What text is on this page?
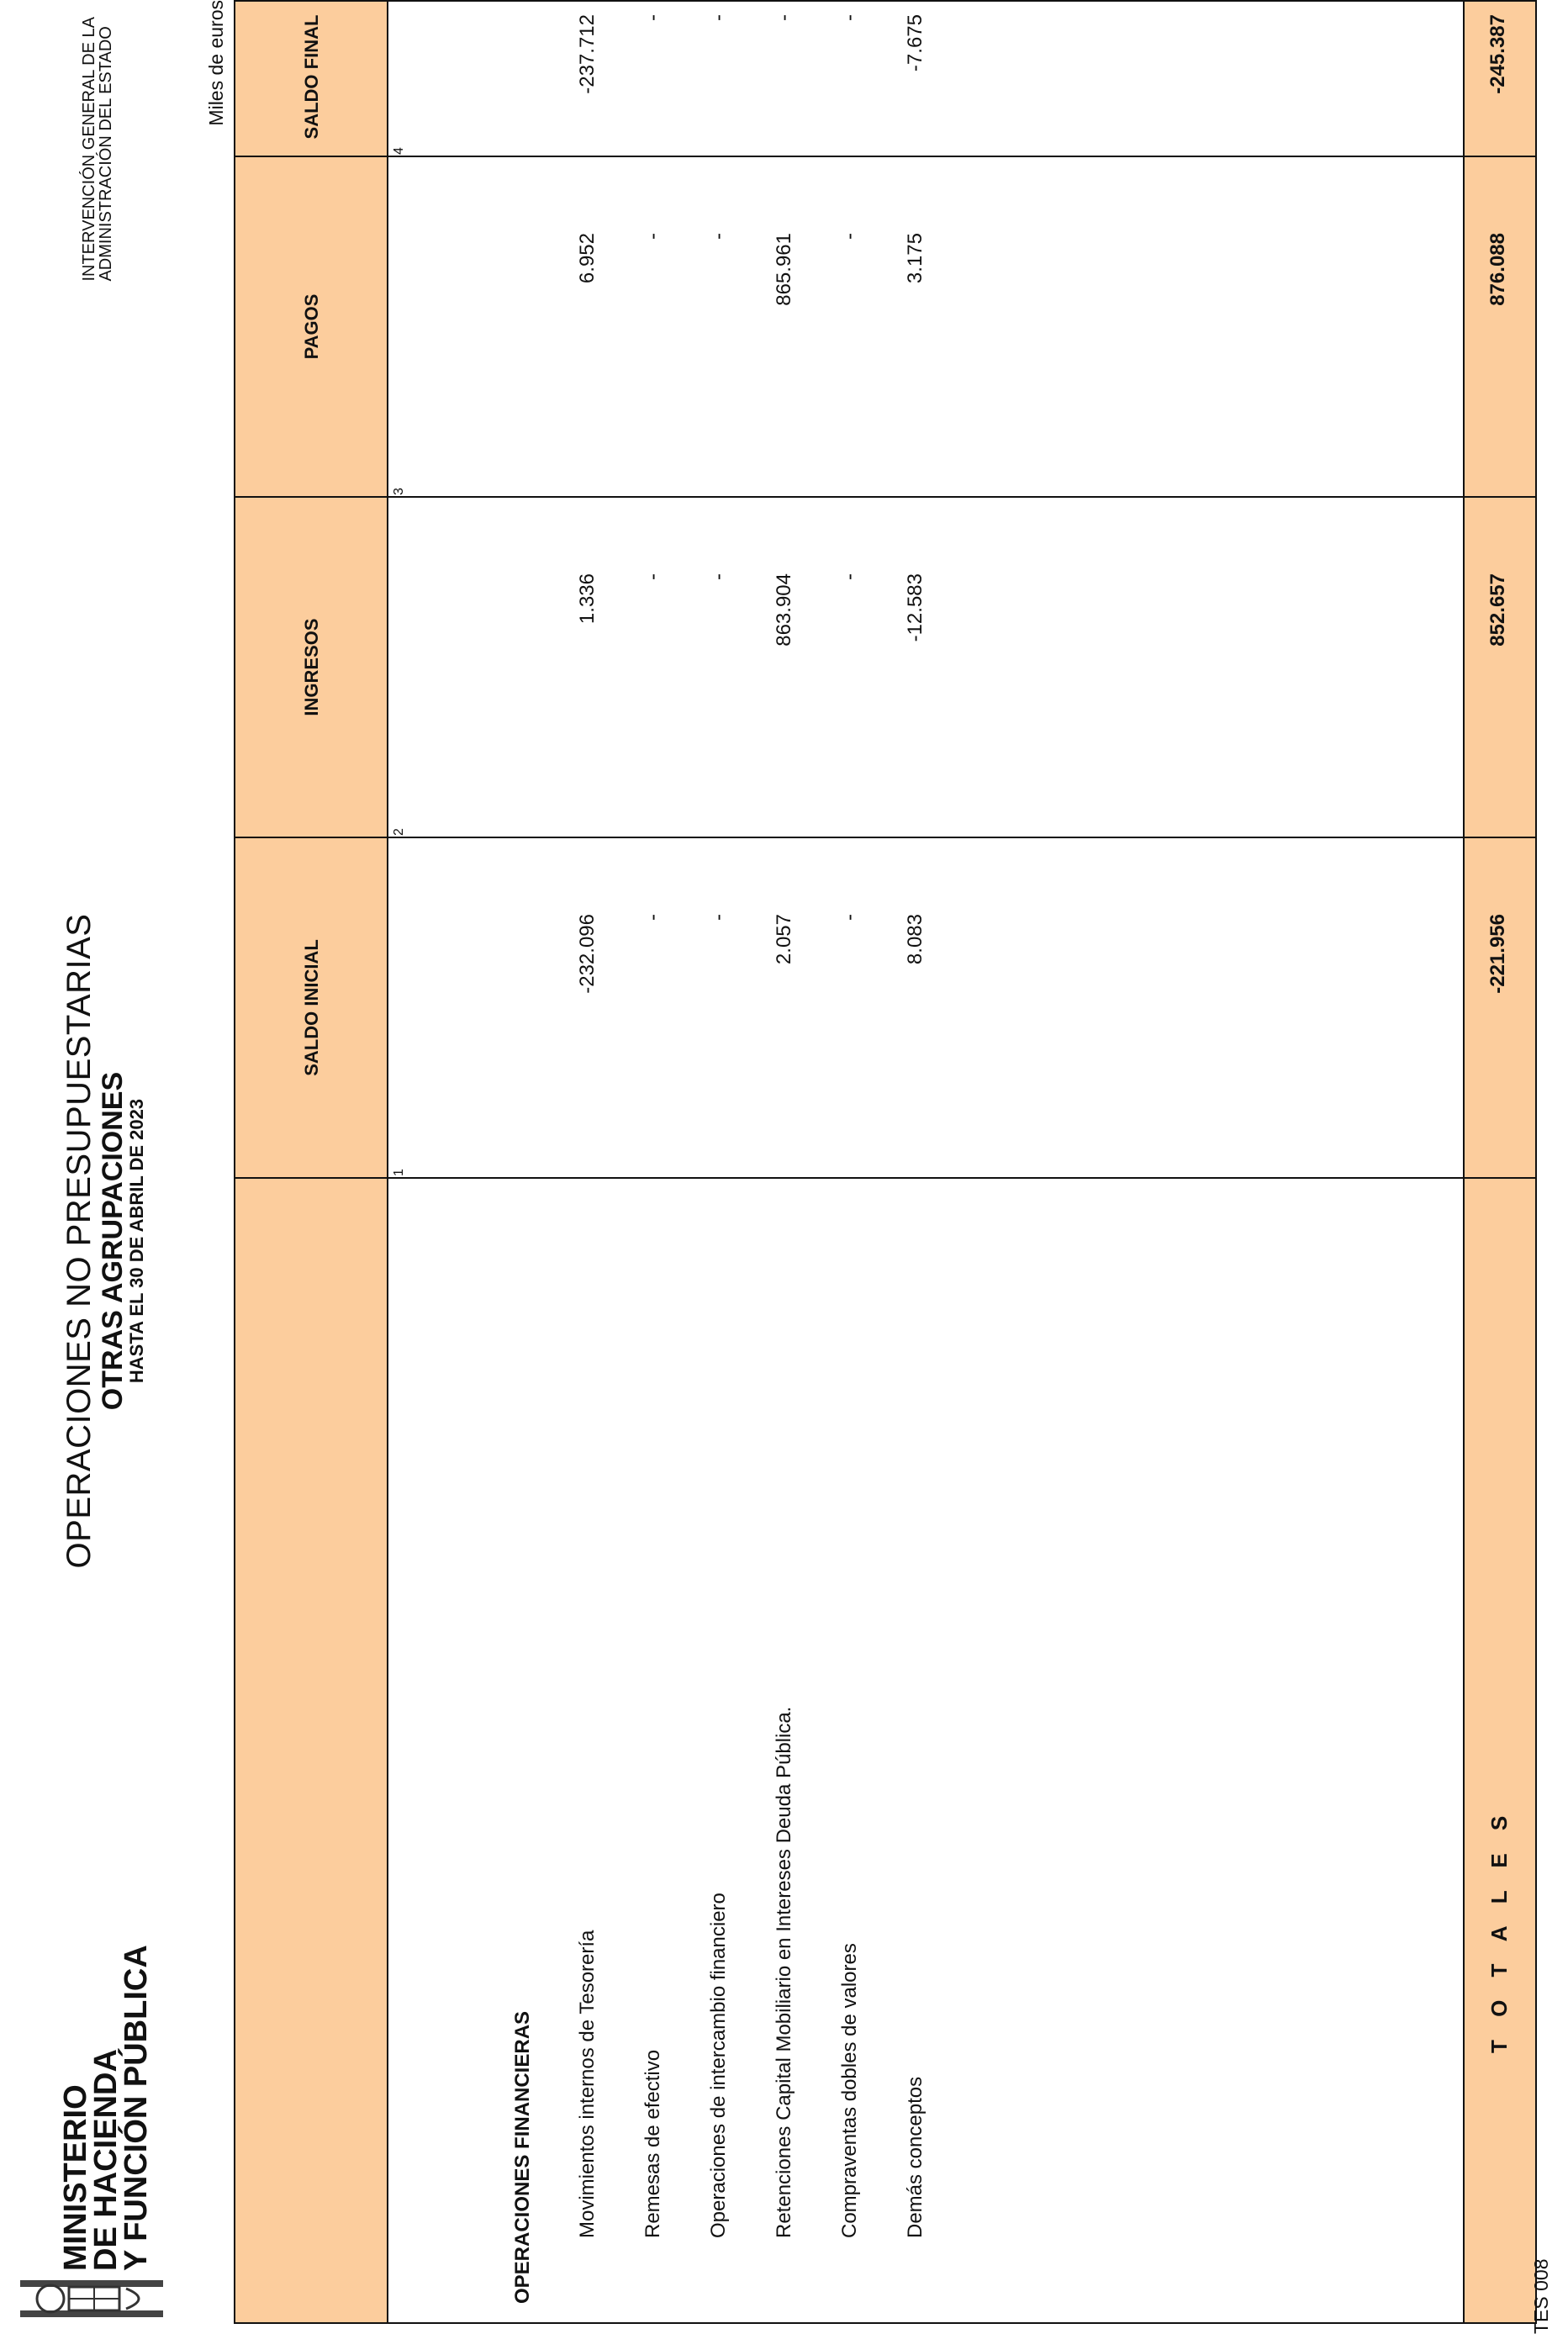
MINISTERIO
DE HACIENDA
Y FUNCIÓN PÚBLICA
OPERACIONES NO PRESUPUESTARIAS OTRAS AGRUPACIONES
HASTA EL 30 DE ABRIL DE 2023
INTERVENCIÓN GENERAL DE LA
ADMINISTRACIÓN DEL ESTADO	Miles de euros
SALDO INICIAL
INGRESOS
PAGOS
SALDO FINAL
1
2
3
4
OPERACIONES FINANCIERAS Movimientos internos de Tesorería Remesas de efectivo Operaciones de intercambio financiero Retenciones Capital Mobiliario en Intereses Deuda Pública. Compraventas dobles de valores Demás conceptos
-232.096 - - 2.057 - 8.083
1.336 - - 863.904 - -12.583
6.952 - - 865.961 - 3.175
-237.712 - - - - -7.675
T O T A L E S
-221.956
852.657
876.088
-245.387
TES 008
